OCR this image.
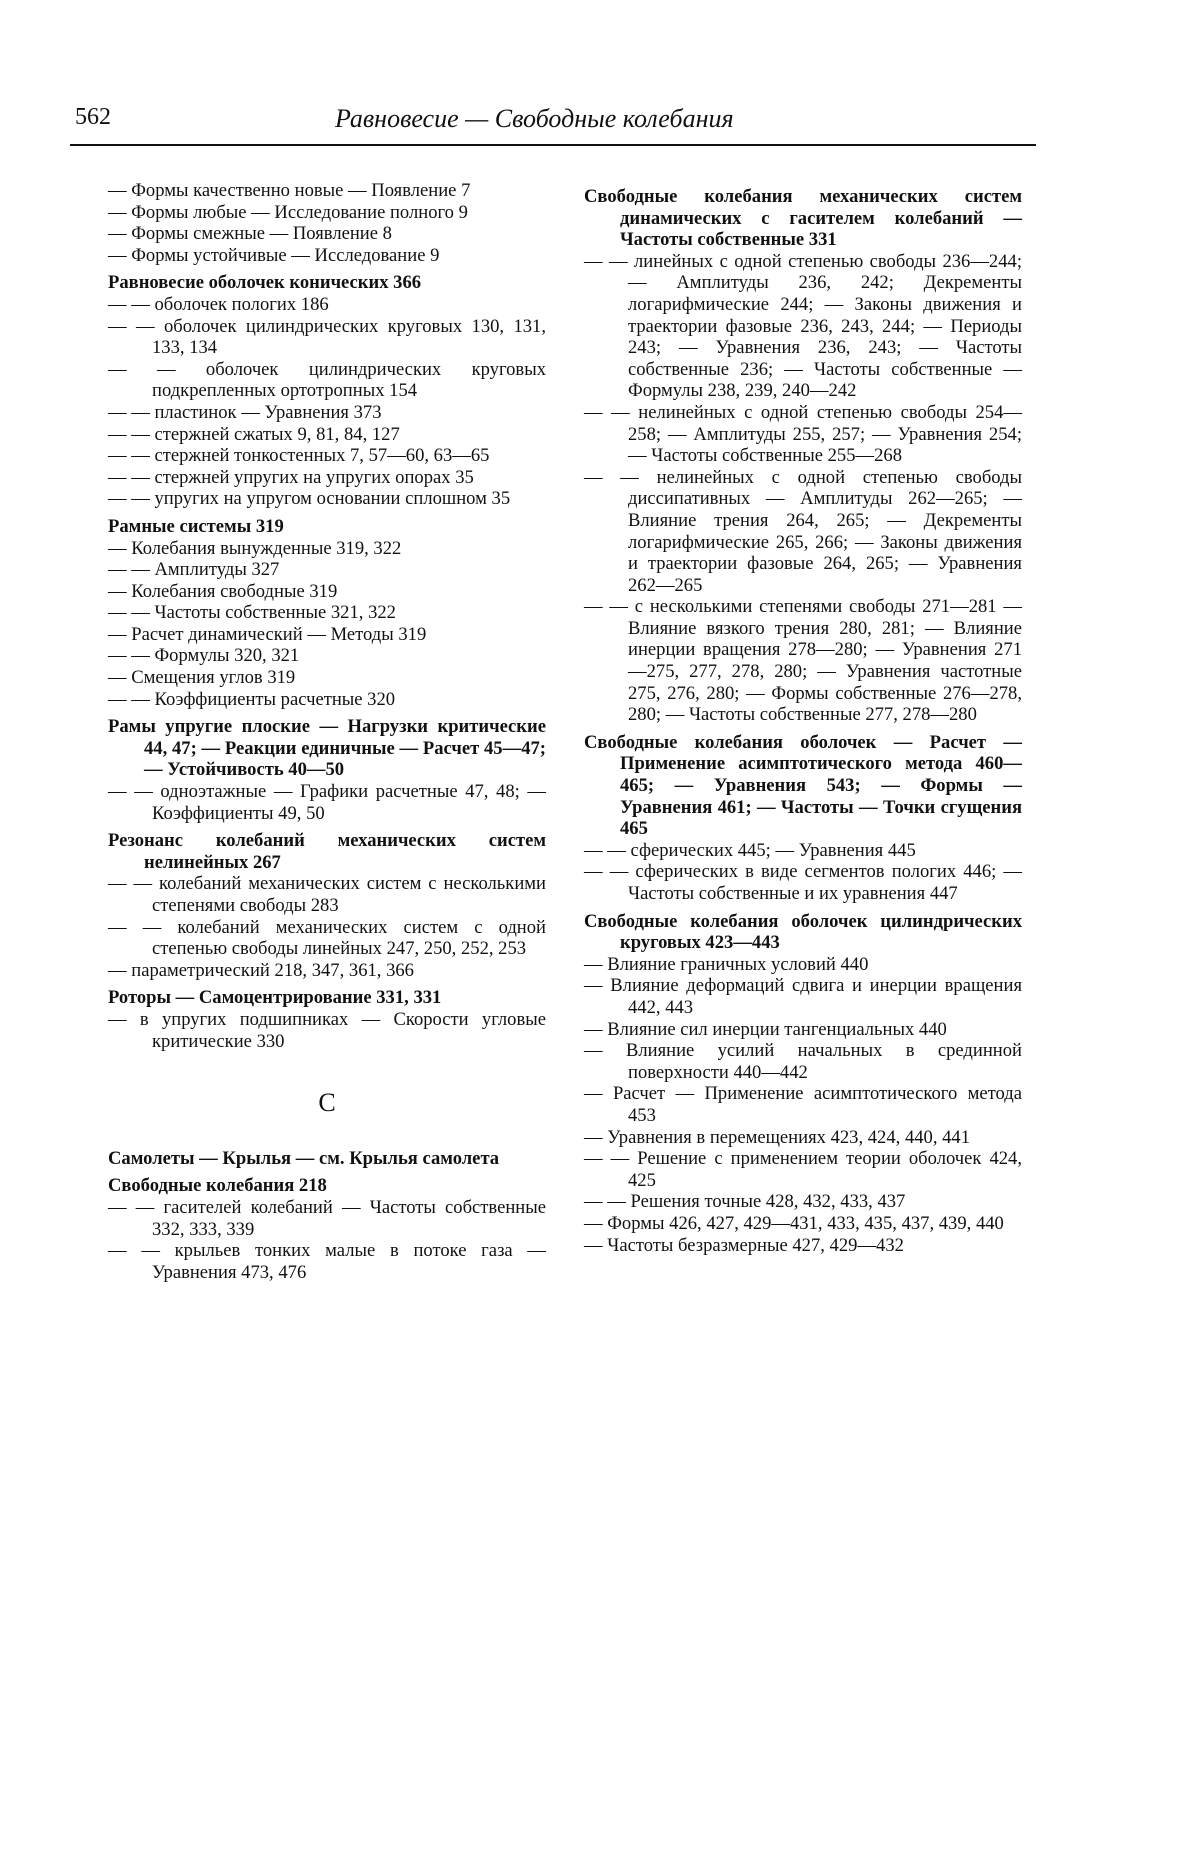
562	Равновесие — Свободные колебания
— Формы качественно новые — Появление 7
— Формы любые — Исследование полного 9
— Формы смежные — Появление 8
— Формы устойчивые — Исследование 9
Равновесие оболочек конических 366
— — оболочек пологих 186
— — оболочек цилиндрических круговых 130, 131, 133, 134
— — оболочек цилиндрических круговых подкрепленных ортотропных 154
— — пластинок — Уравнения 373
— — стержней сжатых 9, 81, 84, 127
— — стержней тонкостенных 7, 57—60, 63—65
— — стержней упругих на упругих опорах 35
— — упругих на упругом основании сплошном 35
Рамные системы 319
— Колебания вынужденные 319, 322
— — Амплитуды 327
— Колебания свободные 319
— — Частоты собственные 321, 322
— Расчет динамический — Методы 319
— — Формулы 320, 321
— Смещения углов 319
— — Коэффициенты расчетные 320
Рамы упругие плоские — Нагрузки критические 44, 47; — Реакции единичные — Расчет 45—47; — Устойчивость 40—50
— — одноэтажные — Графики расчетные 47, 48; — Коэффициенты 49, 50
Резонанс колебаний механических систем нелинейных 267
— — колебаний механических систем с несколькими степенями свободы 283
— — колебаний механических систем с одной степенью свободы линейных 247, 250, 252, 253
— параметрический 218, 347, 361, 366
Роторы — Самоцентрирование 331, 331
— в упругих подшипниках — Скорости угловые критические 330
С
Самолеты — Крылья — см. Крылья самолета
Свободные колебания 218
— — гасителей колебаний — Частоты собственные 332, 333, 339
— — крыльев тонких малые в потоке газа — Уравнения 473, 476
Свободные колебания механических систем динамических с гасителем колебаний — Частоты собственные 331
— — линейных с одной степенью свободы 236—244; — Амплитуды 236, 242; Декременты логарифмические 244; — Законы движения и траектории фазовые 236, 243, 244; — Периоды 243; — Уравнения 236, 243; — Частоты собственные 236; — Частоты собственные — Формулы 238, 239, 240—242
— — нелинейных с одной степенью свободы 254—258; — Амплитуды 255, 257; — Уравнения 254; — Частоты собственные 255—268
— — нелинейных с одной степенью свободы диссипативных — Амплитуды 262—265; — Влияние трения 264, 265; — Декременты логарифмические 265, 266; — Законы движения и траектории фазовые 264, 265; — Уравнения 262—265
— — с несколькими степенями свободы 271—281 — Влияние вязкого трения 280, 281; — Влияние инерции вращения 278—280; — Уравнения 271—275, 277, 278, 280; — Уравнения частотные 275, 276, 280; — Формы собственные 276—278, 280; — Частоты собственные 277, 278—280
Свободные колебания оболочек — Расчет — Применение асимптотического метода 460—465; — Уравнения 543; — Формы — Уравнения 461; — Частоты — Точки сгущения 465
— — сферических 445; — Уравнения 445
— — сферических в виде сегментов пологих 446; — Частоты собственные и их уравнения 447
Свободные колебания оболочек цилиндрических круговых 423—443
— Влияние граничных условий 440
— Влияние деформаций сдвига и инерции вращения 442, 443
— Влияние сил инерции тангенциальных 440
— Влияние усилий начальных в срединной поверхности 440—442
— Расчет — Применение асимптотического метода 453
— Уравнения в перемещениях 423, 424, 440, 441
— — Решение с применением теории оболочек 424, 425
— — Решения точные 428, 432, 433, 437
— Формы 426, 427, 429—431, 433, 435, 437, 439, 440
— Частоты безразмерные 427, 429—432
